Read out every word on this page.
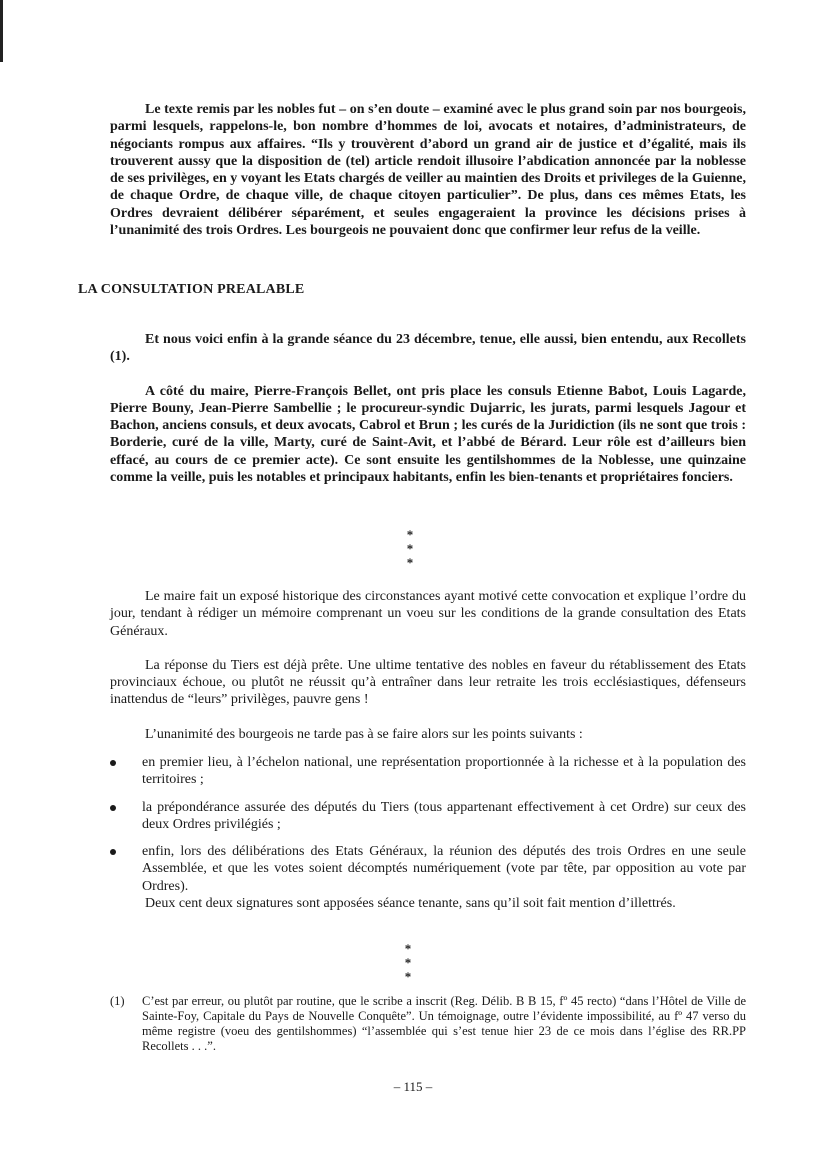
Le texte remis par les nobles fut – on s’en doute – examiné avec le plus grand soin par nos bourgeois, parmi lesquels, rappelons-le, bon nombre d’hommes de loi, avocats et notaires, d’administrateurs, de négociants rompus aux affaires. “Ils y trouvèrent d’abord un grand air de justice et d’égalité, mais ils trouverent aussy que la disposition de (tel) article rendoit illusoire l’abdication annoncée par la noblesse de ses privilèges, en y voyant les Etats chargés de veiller au maintien des Droits et privileges de la Guienne, de chaque Ordre, de chaque ville, de chaque citoyen particulier”. De plus, dans ces mêmes Etats, les Ordres devraient délibérer séparément, et seules engageraient la province les décisions prises à l’unanimité des trois Ordres. Les bourgeois ne pouvaient donc que confirmer leur refus de la veille.

LA CONSULTATION PREALABLE

Et nous voici enfin à la grande séance du 23 décembre, tenue, elle aussi, bien entendu, aux Recollets (1).

A côté du maire, Pierre-François Bellet, ont pris place les consuls Etienne Babot, Louis Lagarde, Pierre Bouny, Jean-Pierre Sambellie ; le procureur-syndic Dujarric, les jurats, parmi lesquels Jagour et Bachon, anciens consuls, et deux avocats, Cabrol et Brun ; les curés de la Juridiction (ils ne sont que trois : Borderie, curé de la ville, Marty, curé de Saint-Avit, et l’abbé de Bérard. Leur rôle est d’ailleurs bien effacé, au cours de ce premier acte). Ce sont ensuite les gentilshommes de la Noblesse, une quinzaine comme la veille, puis les notables et principaux habitants, enfin les bien-tenants et propriétaires fonciers.

*
* *

Le maire fait un exposé historique des circonstances ayant motivé cette convocation et explique l’ordre du jour, tendant à rédiger un mémoire comprenant un voeu sur les conditions de la grande consultation des Etats Généraux.

La réponse du Tiers est déjà prête. Une ultime tentative des nobles en faveur du rétablissement des Etats provinciaux échoue, ou plutôt ne réussit qu’à entraîner dans leur retraite les trois ecclésiastiques, défenseurs inattendus de “leurs” privilèges, pauvre gens !

L’unanimité des bourgeois ne tarde pas à se faire alors sur les points suivants :

en premier lieu, à l’échelon national, une représentation proportionnée à la richesse et à la population des territoires ;
la prépondérance assurée des députés du Tiers (tous appartenant effectivement à cet Ordre) sur ceux des deux Ordres privilégiés ;
enfin, lors des délibérations des Etats Généraux, la réunion des députés des trois Ordres en une seule Assemblée, et que les votes soient décomptés numériquement (vote par tête, par opposition au vote par Ordres).

Deux cent deux signatures sont apposées séance tenante, sans qu’il soit fait mention d’illettrés.

*
* *
(1) C’est par erreur, ou plutôt par routine, que le scribe a inscrit (Reg. Délib. B B 15, fº 45 recto) “dans l’Hôtel de Ville de Sainte-Foy, Capitale du Pays de Nouvelle Conquête”. Un témoignage, outre l’évidente impossibilité, au fº 47 verso du même registre (voeu des gentilshommes) “l’assemblée qui s’est tenue hier 23 de ce mois dans l’église des RR.PP Recollets . . .”.
– 115 –
